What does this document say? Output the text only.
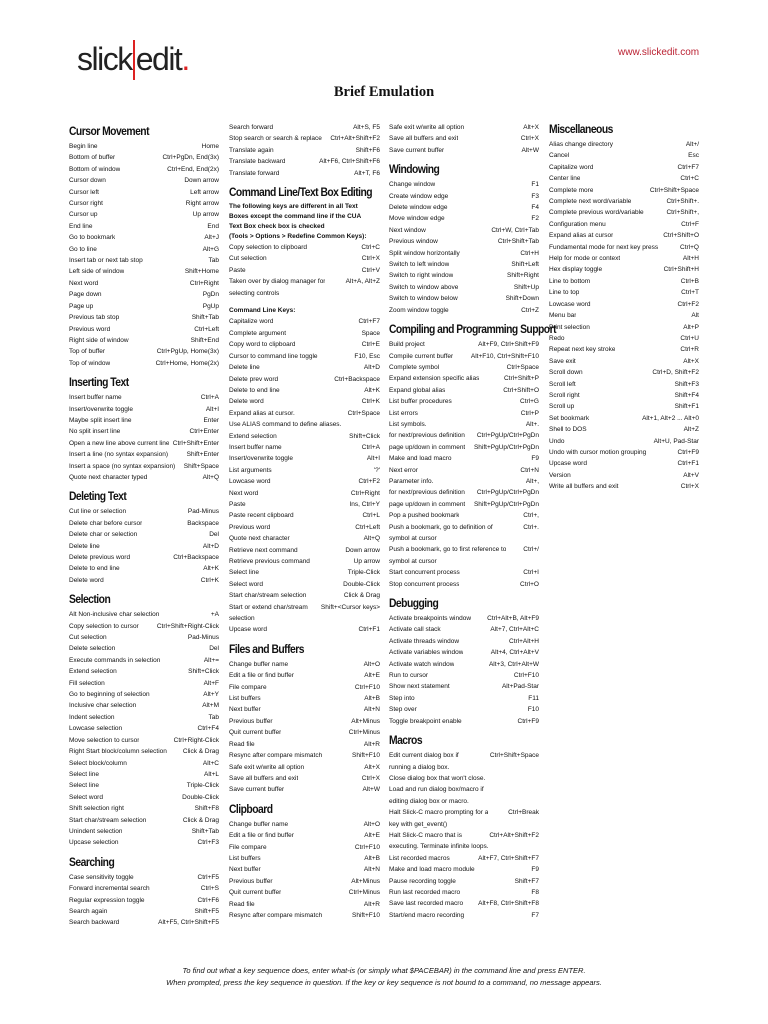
slick edit.	www.slickedit.com
Brief Emulation
Cursor Movement
Begin line	Home
Bottom of buffer	Ctrl+PgDn, End(3x)
Bottom of window	Ctrl+End, End(2x)
Cursor down	Down arrow
Cursor left	Left arrow
Cursor right	Right arrow
Cursor up	Up arrow
End line	End
Go to bookmark	Alt+J
Go to line	Alt+G
Insert tab or next tab stop	Tab
Left side of window	Shift+Home
Next word	Ctrl+Right
Page down	PgDn
Page up	PgUp
Previous tab stop	Shift+Tab
Previous word	Ctrl+Left
Right side of window	Shift+End
Top of buffer	Ctrl+PgUp, Home(3x)
Top of window	Ctrl+Home, Home(2x)
Inserting Text
Insert buffer name	Ctrl+A
Insert/overwrite toggle	Alt+I
Maybe split insert line	Enter
No split insert line	Ctrl+Enter
Open a new line above current line Ctrl+Shift+Enter
Insert a line (no syntax expansion)	Shift+Enter
Insert a space (no syntax expansion) Shift+Space
Quote next character typed	Alt+Q
Deleting Text
Cut line or selection	Pad-Minus
Delete char before cursor	Backspace
Delete char or selection	Del
Delete line	Alt+D
Delete previous word	Ctrl+Backspace
Delete to end line	Alt+K
Delete word	Ctrl+K
Selection
Alt Non-inclusive char selection	+A
Copy selection to cursor	Ctrl+Shift+Right-Click
Cut selection	Pad-Minus
Delete selection	Del
Execute commands in selection	Alt+=
Extend selection	Shift+Click
Fill selection	Alt+F
Go to beginning of selection	Alt+Y
Inclusive char selection	Alt+M
Indent selection	Tab
Lowcase selection	Ctrl+F4
Move selection to cursor	Ctrl+Right-Click
Right Start block/column selection Click & Drag
Select block/column	Alt+C
Select line	Alt+L
Select line	Triple-Click
Select word	Double-Click
Shift selection right	Shift+F8
Start char/stream selection	Click & Drag
Unindent selection	Shift+Tab
Upcase selection	Ctrl+F3
Searching
Case sensitivity toggle	Ctrl+F5
Forward incremental search	Ctrl+S
Regular expression toggle	Ctrl+F6
Search again	Shift+F5
Search backward	Alt+F5, Ctrl+Shift+F5
Search forward	Alt+S, F5
Stop search or search & replace Ctrl+Alt+Shift+F2
Translate again	Shift+F6
Translate backward	Alt+F6, Ctrl+Shift+F6
Translate forward	Alt+T, F6
Command Line/Text Box Editing
The following keys are different in all Text
Boxes except the command line if the CUA
Text Box check box is checked
(Tools > Options > Redefine Common Keys):
Copy selection to clipboard	Ctrl+C
Cut selection	Ctrl+X
Paste	Ctrl+V
Taken over by dialog manager for	Alt+A, Alt+Z
selecting controls
Command Line Keys:
Capitalize word	Ctrl+F7
Complete argument	Space
Copy word to clipboard	Ctrl+E
Cursor to command line toggle	F10, Esc
Delete line	Alt+D
Delete prev word	Ctrl+Backspace
Delete to end line	Alt+K
Delete word	Ctrl+K
Expand alias at cursor.	Ctrl+Space
Use ALIAS command to define aliases.
Extend selection	Shift+Click
Insert buffer name	Ctrl+A
Insert/overwrite toggle	Alt+I
List arguments	'?'
Lowcase word	Ctrl+F2
Next word	Ctrl+Right
Paste	Ins, Ctrl+Y
Paste recent clipboard	Ctrl+L
Previous word	Ctrl+Left
Quote next character	Alt+Q
Retrieve next command	Down arrow
Retrieve previous command	Up arrow
Select line	Triple-Click
Select word	Double-Click
Start char/stream selection	Click & Drag
Start or extend char/stream Shift+<Cursor keys>
selection
Upcase word	Ctrl+F1
Files and Buffers
Change buffer name	Alt+O
Edit a file or find buffer	Alt+E
File compare	Ctrl+F10
List buffers	Alt+B
Next buffer	Alt+N
Previous buffer	Alt+Minus
Quit current buffer	Ctrl+Minus
Read file	Alt+R
Resync after compare mismatch	Shift+F10
Safe exit w/write all option	Alt+X
Save all buffers and exit	Ctrl+X
Save current buffer	Alt+W
Clipboard
Change buffer name	Alt+O
Edit a file or find buffer	Alt+E
File compare	Ctrl+F10
List buffers	Alt+B
Next buffer	Alt+N
Previous buffer	Alt+Minus
Quit current buffer	Ctrl+Minus
Read file	Alt+R
Resync after compare mismatch	Shift+F10
Safe exit w/write all option	Alt+X
Save all buffers and exit	Ctrl+X
Save current buffer	Alt+W
Windowing
Change window	F1
Create window edge	F3
Delete window edge	F4
Move window edge	F2
Next window	Ctrl+W, Ctrl+Tab
Previous window	Ctrl+Shift+Tab
Split window horizontally	Ctrl+H
Switch to left window	Shift+Left
Switch to right window	Shift+Right
Switch to window above	Shift+Up
Switch to window below	Shift+Down
Zoom window toggle	Ctrl+Z
Compiling and Programming Support
Build project	Alt+F9, Ctrl+Shift+F9
Compile current buffer	Alt+F10, Ctrl+Shift+F10
Complete symbol	Ctrl+Space
Expand extension specific alias	Ctrl+Shift+P
Expand global alias	Ctrl+Shift+O
List buffer procedures	Ctrl+G
List errors	Ctrl+P
List symbols.	Alt+.
for next/previous definition Ctrl+PgUp/Ctrl+PgDn
page up/down in comment Shift+PgUp/Ctrl+PgDn
Make and load macro	F9
Next error	Ctrl+N
Parameter info.	Alt+,
for next/previous definition Ctrl+PgUp/Ctrl+PgDn
page up/down in comment Shift+PgUp/Ctrl+PgDn
Pop a pushed bookmark	Ctrl+,
Push a bookmark, go to definition of	Ctrl+.
symbol at cursor
Push a bookmark, go to first reference to	Ctrl+/
symbol at cursor
Start concurrent process	Ctrl+I
Stop concurrent process	Ctrl+O
Debugging
Activate breakpoints window Ctrl+Alt+B, Alt+F9
Activate call stack	Alt+7, Ctrl+Alt+C
Activate threads window	Ctrl+Alt+H
Activate variables window	Alt+4, Ctrl+Alt+V
Activate watch window	Alt+3, Ctrl+Alt+W
Run to cursor	Ctrl+F10
Show next statement	Alt+Pad-Star
Step into	F11
Step over	F10
Toggle breakpoint enable	Ctrl+F9
Macros
Edit current dialog box if	Ctrl+Shift+Space
running a dialog box.
Close dialog box that won't close.
Load and run dialog box/macro if
editing dialog box or macro.
Halt Slick-C macro prompting for a	Ctrl+Break
key with get_event()
Halt Slick-C macro that is	Ctrl+Alt+Shift+F2
executing. Terminate infinite loops.
List recorded macros	Alt+F7, Ctrl+Shift+F7
Make and load macro module	F9
Pause recording toggle	Shift+F7
Run last recorded macro	F8
Save last recorded macro Alt+F8, Ctrl+Shift+F8
Start/end macro recording	F7
Miscellaneous
Alias change directory	Alt+/
Cancel	Esc
Capitalize word	Ctrl+F7
Center line	Ctrl+C
Complete more	Ctrl+Shift+Space
Complete next word/variable	Ctrl+Shift+.
Complete previous word/variable	Ctrl+Shift+,
Configuration menu	Ctrl+F
Expand alias at cursor	Ctrl+Shift+O
Fundamental mode for next key press	Ctrl+Q
Help for mode or context	Alt+H
Hex display toggle	Ctrl+Shift+H
Line to bottom	Ctrl+B
Line to top	Ctrl+T
Lowcase word	Ctrl+F2
Menu bar	Alt
Print selection	Alt+P
Redo	Ctrl+U
Repeat next key stroke	Ctrl+R
Save exit	Alt+X
Scroll down	Ctrl+D, Shift+F2
Scroll left	Shift+F3
Scroll right	Shift+F4
Scroll up	Shift+F1
Set bookmark	Alt+1, Alt+2 ... Alt+0
Shell to DOS	Alt+Z
Undo	Alt+U, Pad-Star
Undo with cursor motion grouping	Ctrl+F9
Upcase word	Ctrl+F1
Version	Alt+V
Write all buffers and exit	Ctrl+X
To find out what a key sequence does, enter what-is (or simply what $PACEBAR) in the command line and press ENTER.
When prompted, press the key sequence in question. If the key or key sequence is not bound to a command, no message appears.
